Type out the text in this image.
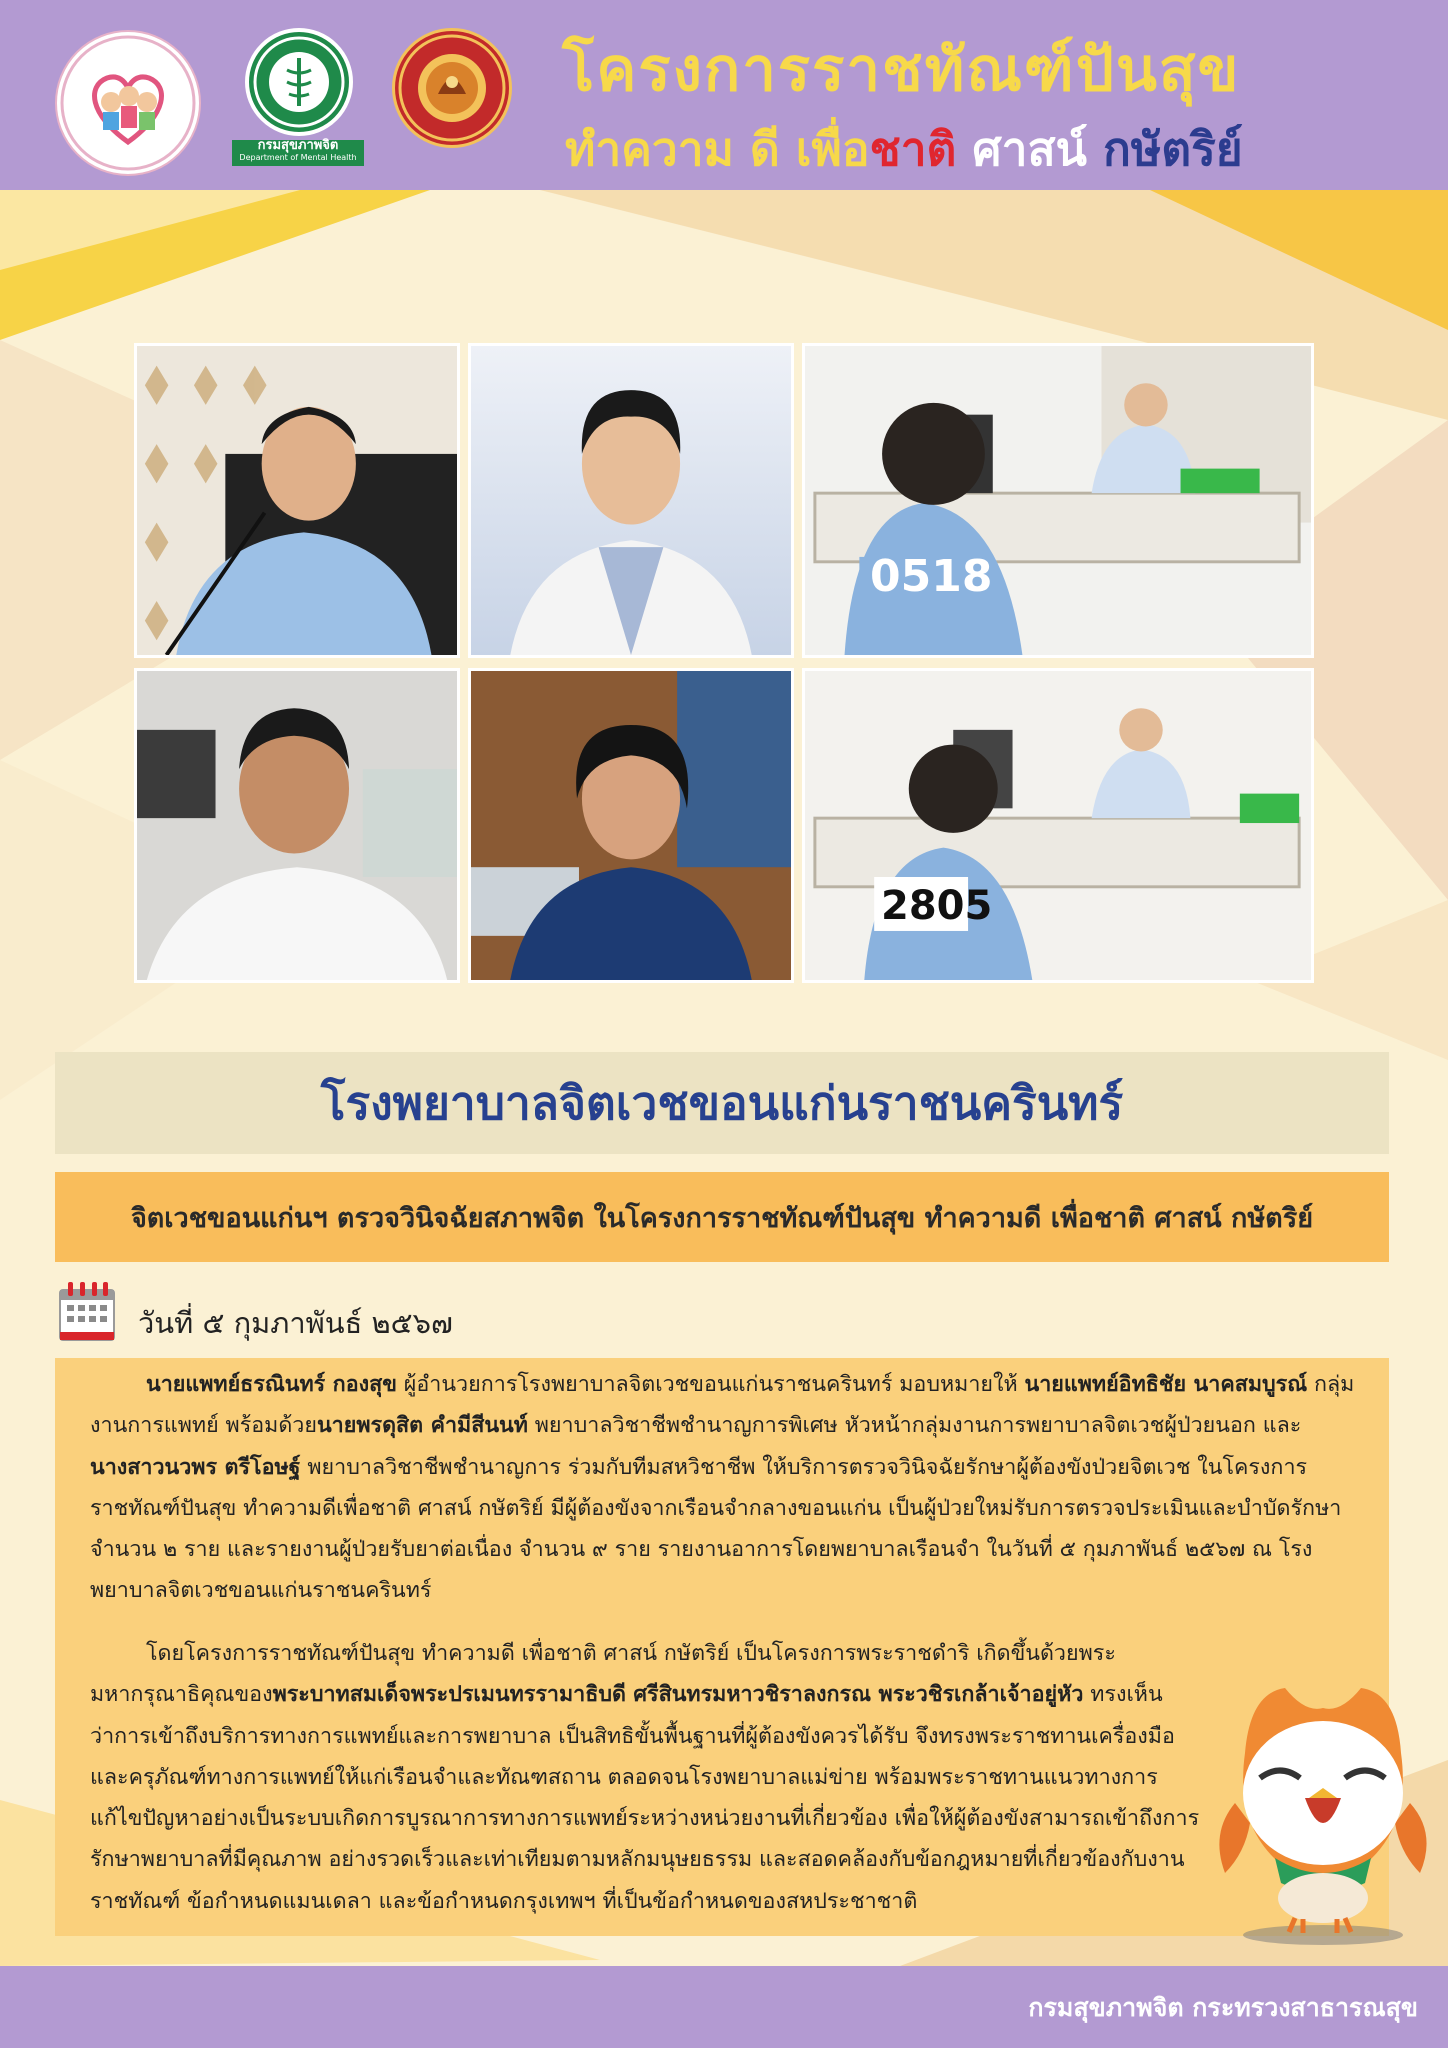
กรมสุขภาพจิต
Department of Mental Health
โครงการราชทัณฑ์ปันสุข
ทำความ ดี เพื่อชาติ ศาสน์ กษัตริย์
0518
2805
โรงพยาบาลจิตเวชขอนแก่นราชนครินทร์
จิตเวชขอนแก่นฯ ตรวจวินิจฉัยสภาพจิต ในโครงการราชทัณฑ์ปันสุข ทำความดี เพื่อชาติ ศาสน์ กษัตริย์
วันที่ ๕ กุมภาพันธ์ ๒๕๖๗

นายแพทย์ธรณินทร์ กองสุข ผู้อำนวยการโรงพยาบาลจิตเวชขอนแก่นราชนครินทร์ มอบหมายให้ นายแพทย์อิทธิชัย นาคสมบูรณ์ กลุ่มงานการแพทย์ พร้อมด้วยนายพรดุสิต คำมีสีนนท์ พยาบาลวิชาชีพชำนาญการพิเศษ หัวหน้ากลุ่มงานการพยาบาลจิตเวชผู้ป่วยนอก และนางสาวนวพร ตรีโอษฐ์ พยาบาลวิชาชีพชำนาญการ ร่วมกับทีมสหวิชาชีพ ให้บริการตรวจวินิจฉัยรักษาผู้ต้องขังป่วยจิตเวช ในโครงการราชทัณฑ์ปันสุข ทำความดีเพื่อชาติ ศาสน์ กษัตริย์ มีผู้ต้องขังจากเรือนจำกลางขอนแก่น เป็นผู้ป่วยใหม่รับการตรวจประเมินและบำบัดรักษา จำนวน ๒ ราย และรายงานผู้ป่วยรับยาต่อเนื่อง จำนวน ๙ ราย รายงานอาการโดยพยาบาลเรือนจำ ในวันที่ ๕ กุมภาพันธ์ ๒๕๖๗ ณ โรงพยาบาลจิตเวชขอนแก่นราชนครินทร์

โดยโครงการราชทัณฑ์ปันสุข ทำความดี เพื่อชาติ ศาสน์ กษัตริย์ เป็นโครงการพระราชดำริ เกิดขึ้นด้วยพระมหากรุณาธิคุณของพระบาทสมเด็จพระปรเมนทรรามาธิบดี ศรีสินทรมหาวชิราลงกรณ พระวชิรเกล้าเจ้าอยู่หัว ทรงเห็นว่าการเข้าถึงบริการทางการแพทย์และการพยาบาล เป็นสิทธิขั้นพื้นฐานที่ผู้ต้องขังควรได้รับ จึงทรงพระราชทานเครื่องมือและครุภัณฑ์ทางการแพทย์ให้แก่เรือนจำและทัณฑสถาน ตลอดจนโรงพยาบาลแม่ข่าย พร้อมพระราชทานแนวทางการแก้ไขปัญหาอย่างเป็นระบบเกิดการบูรณาการทางการแพทย์ระหว่างหน่วยงานที่เกี่ยวข้อง เพื่อให้ผู้ต้องขังสามารถเข้าถึงการรักษาพยาบาลที่มีคุณภาพ อย่างรวดเร็วและเท่าเทียมตามหลักมนุษยธรรม และสอดคล้องกับข้อกฎหมายที่เกี่ยวข้องกับงานราชทัณฑ์ ข้อกำหนดแมนเดลา และข้อกำหนดกรุงเทพฯ ที่เป็นข้อกำหนดของสหประชาชาติ

กรมสุขภาพจิต กระทรวงสาธารณสุข
